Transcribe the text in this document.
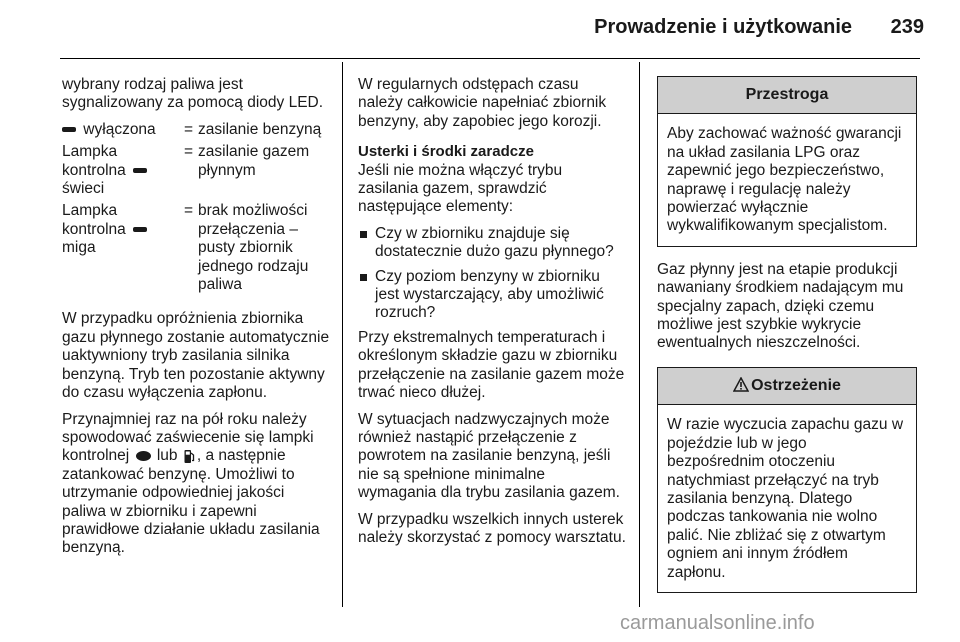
Prowadzenie i użytkowanie	239

wybrany rodzaj paliwa jest sygnalizowany za pomocą diody LED.

wyłączona	=	zasilanie benzyną
Lampka kontrolna  świeci	=	zasilanie gazem płynnym
Lampka kontrolna  miga	=	brak możliwości przełączenia – pusty zbiornik jednego rodzaju paliwa

W przypadku opróżnienia zbiornika gazu płynnego zostanie automatycznie uaktywniony tryb zasilania silnika benzyną. Tryb ten pozostanie aktywny do czasu wyłączenia zapłonu.

Przynajmniej raz na pół roku należy spowodować zaświecenie się lampki kontrolnej  lub , a następnie zatankować benzynę. Umożliwi to utrzymanie odpowiedniej jakości paliwa w zbiorniku i zapewni prawidłowe działanie układu zasilania benzyną.

W regularnych odstępach czasu należy całkowicie napełniać zbiornik benzyny, aby zapobiec jego korozji.

Usterki i środki zaradcze

Jeśli nie można włączyć trybu zasilania gazem, sprawdzić następujące elementy:

Czy w zbiorniku znajduje się dostatecznie dużo gazu płynnego?
Czy poziom benzyny w zbiorniku jest wystarczający, aby umożliwić rozruch?

Przy ekstremalnych temperaturach i określonym składzie gazu w zbiorniku przełączenie na zasilanie gazem może trwać nieco dłużej.

W sytuacjach nadzwyczajnych może również nastąpić przełączenie z powrotem na zasilanie benzyną, jeśli nie są spełnione minimalne wymagania dla trybu zasilania gazem.

W przypadku wszelkich innych usterek należy skorzystać z pomocy warsztatu.

Przestroga
Aby zachować ważność gwarancji na układ zasilania LPG oraz zapewnić jego bezpieczeństwo, naprawę i regulację należy powierzać wyłącznie wykwalifikowanym specjalistom.

Gaz płynny jest na etapie produkcji nawaniany środkiem nadającym mu specjalny zapach, dzięki czemu możliwe jest szybkie wykrycie ewentualnych nieszczelności.

Ostrzeżenie
W razie wyczucia zapachu gazu w pojeździe lub w jego bezpośrednim otoczeniu natychmiast przełączyć na tryb zasilania benzyną. Dlatego podczas tankowania nie wolno palić. Nie zbliżać się z otwartym ogniem ani innym źródłem zapłonu.
carmanualsonline.info
